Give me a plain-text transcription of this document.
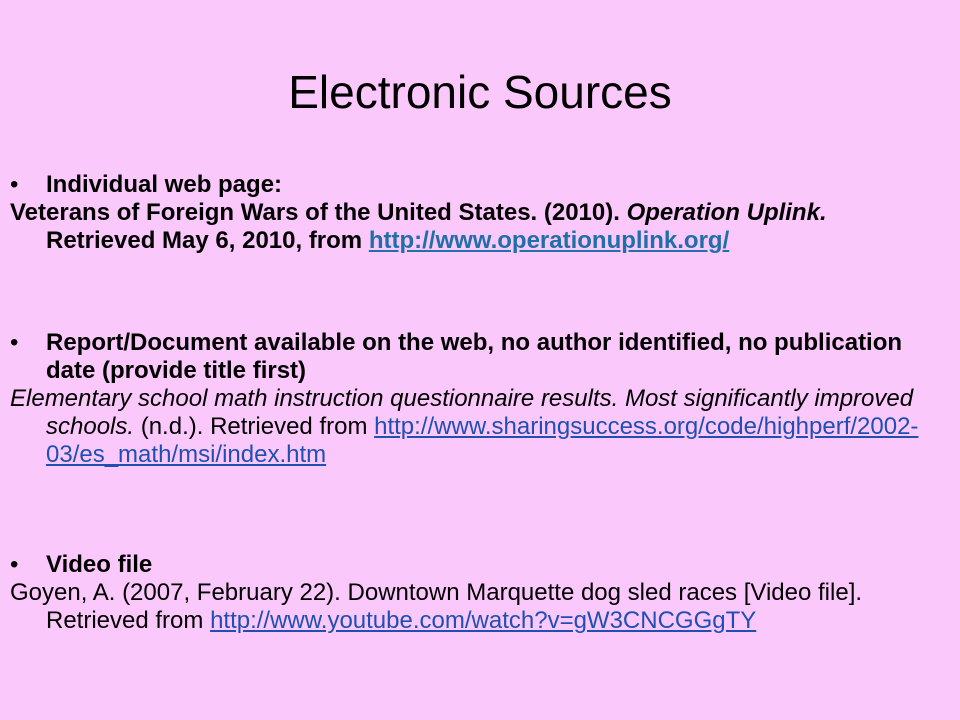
Electronic Sources
• Individual web page:
Veterans of Foreign Wars of the United States. (2010). Operation Uplink. Retrieved May 6, 2010, from http://www.operationuplink.org/
• Report/Document available on the web, no author identified, no publication date (provide title first)
Elementary school math instruction questionnaire results. Most significantly improved schools. (n.d.). Retrieved from http://www.sharingsuccess.org/code/highperf/2002-03/es_math/msi/index.htm
• Video file
Goyen, A. (2007, February 22). Downtown Marquette dog sled races [Video file]. Retrieved from http://www.youtube.com/watch?v=gW3CNCGGgTY
